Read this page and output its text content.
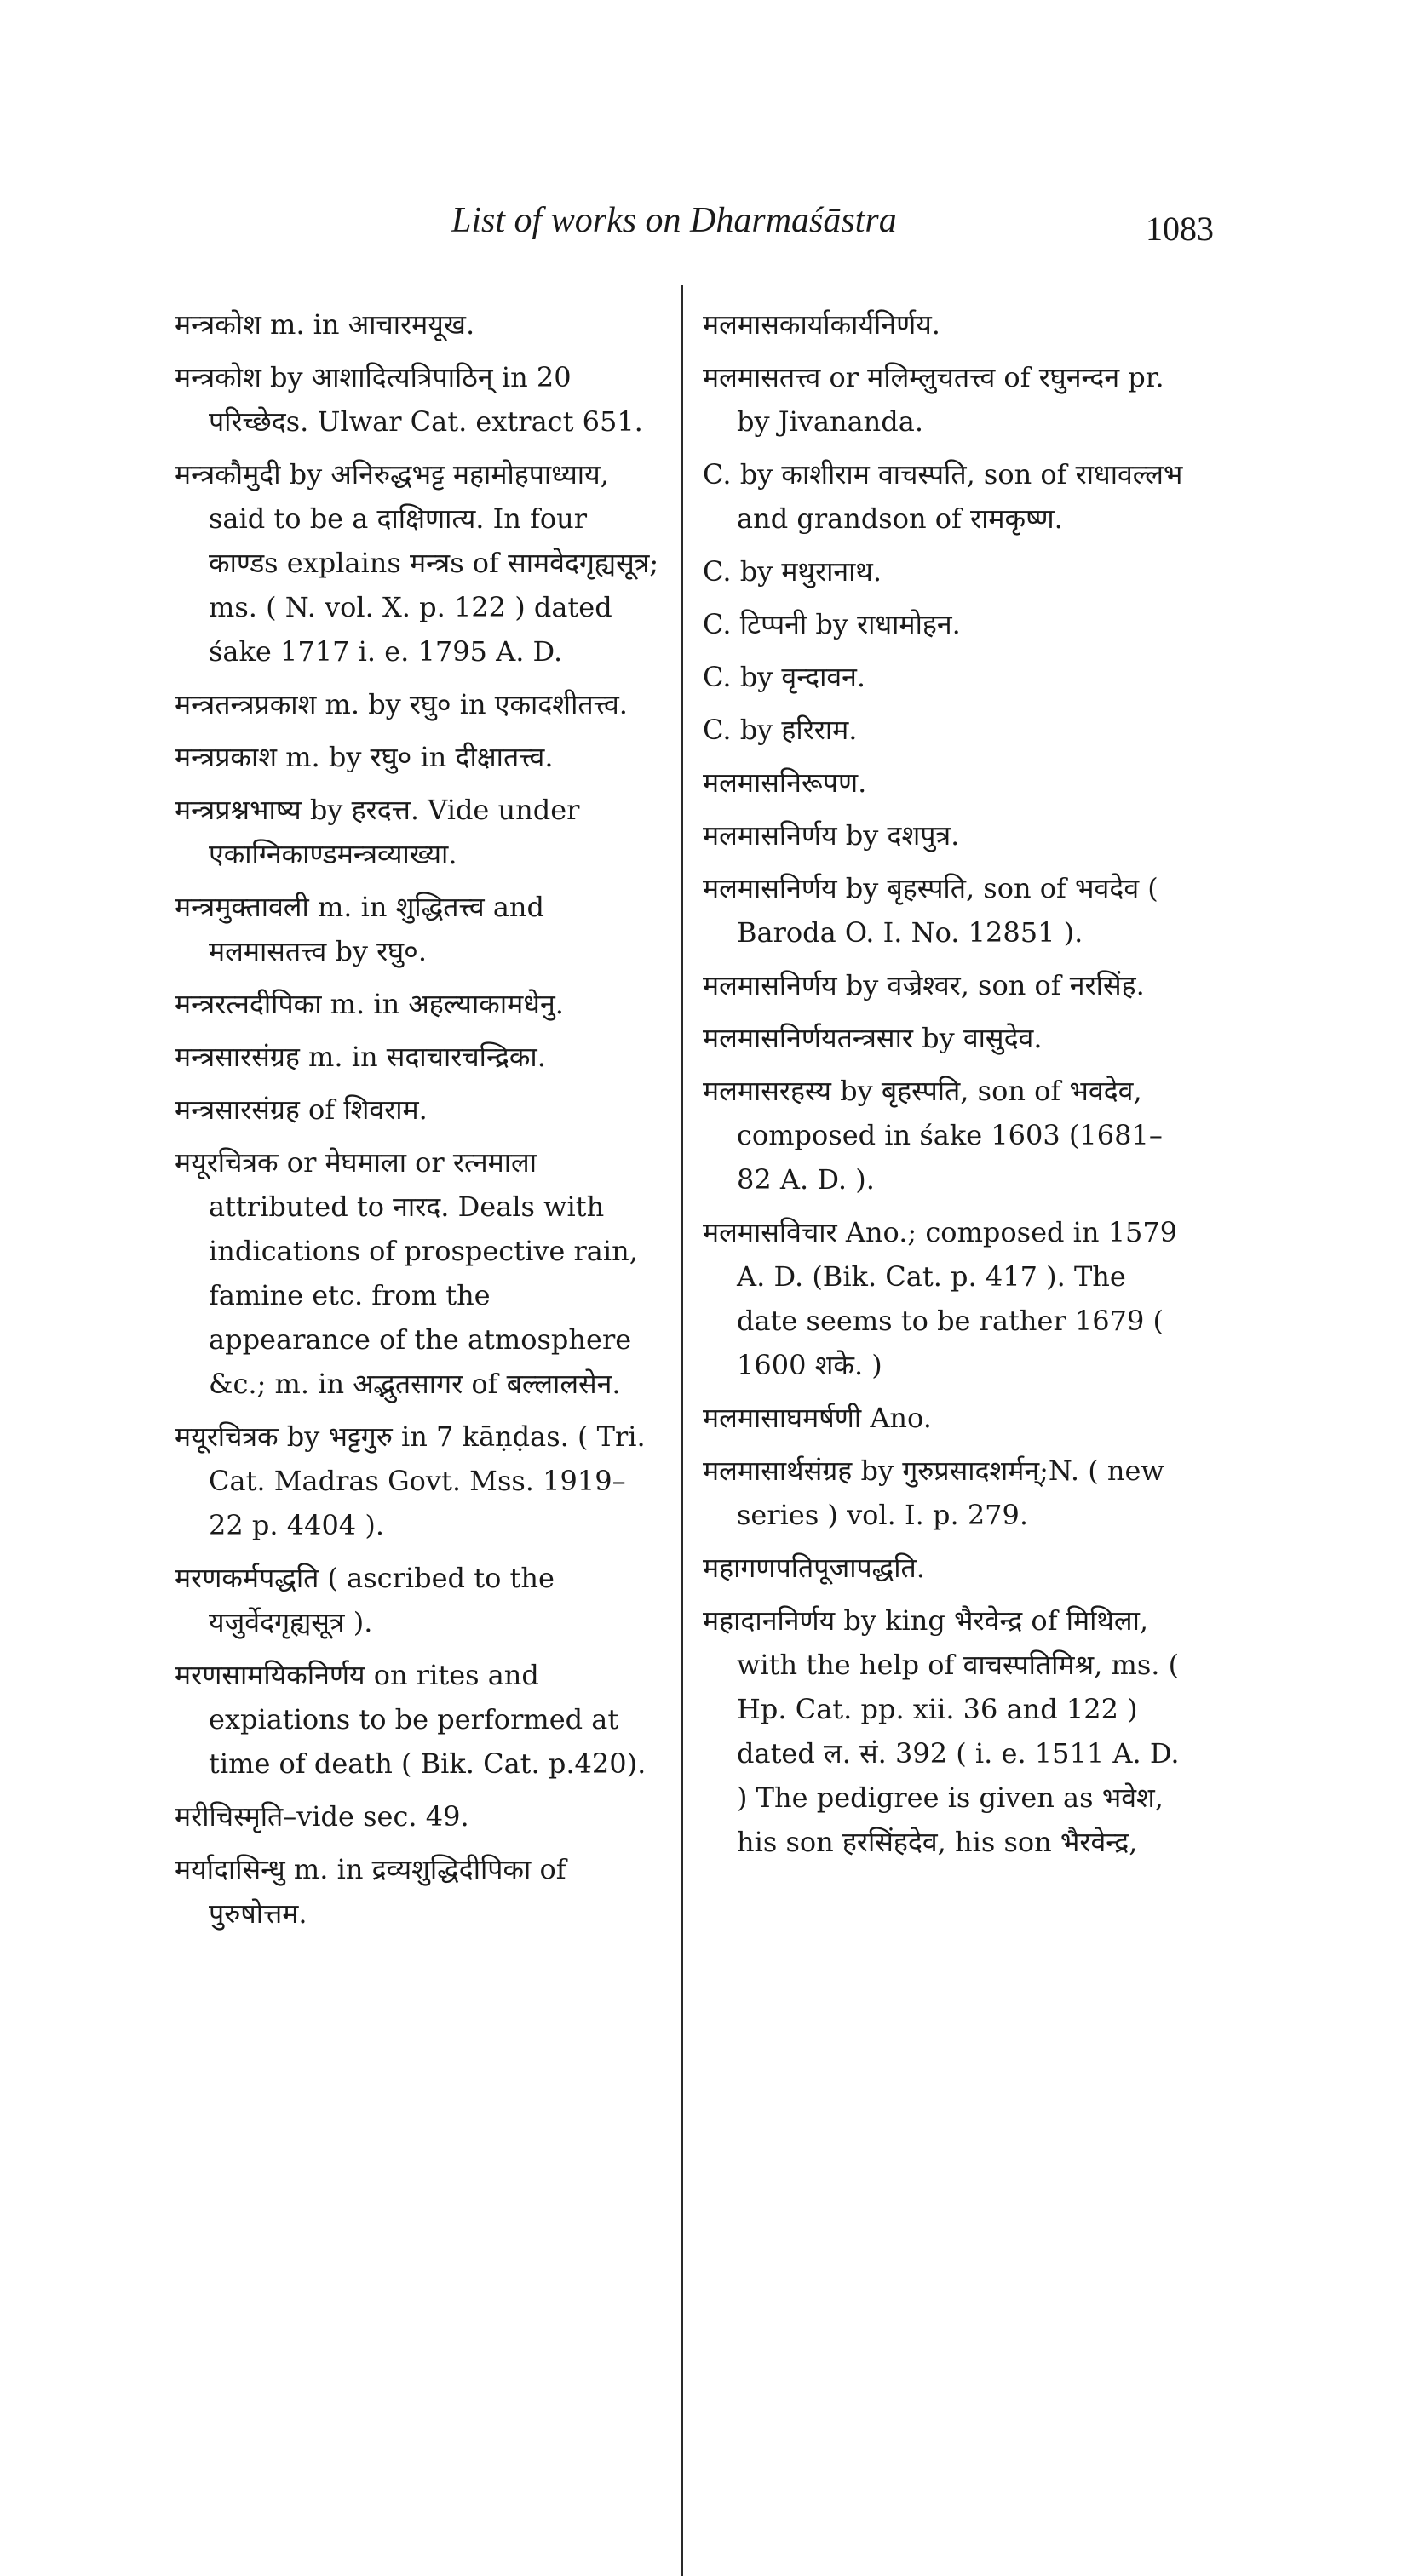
List of works on Dharmaśāstra	1083

मन्त्रकोश m. in आचारमयूख.

मन्त्रकोश by आशादित्यत्रिपाठिन् in 20 परिच्छेदs. Ulwar Cat. extract 651.

मन्त्रकौमुदी by अनिरुद्धभट्ट महामोहपाध्याय, said to be a दाक्षिणात्य. In four काण्डs explains मन्त्रs of सामवेदगृह्यसूत्र; ms. ( N. vol. X. p. 122 ) dated śake 1717 i. e. 1795 A. D.

मन्त्रतन्त्रप्रकाश m. by रघु० in एकादशीतत्त्व.

मन्त्रप्रकाश m. by रघु० in दीक्षातत्त्व.

मन्त्रप्रश्नभाष्य by हरदत्त. Vide under एकाग्निकाण्डमन्त्रव्याख्या.

मन्त्रमुक्तावली m. in शुद्धितत्त्व and मलमासतत्त्व by रघु०.

मन्त्ररत्नदीपिका m. in अहल्याकामधेनु.

मन्त्रसारसंग्रह m. in सदाचारचन्द्रिका.

मन्त्रसारसंग्रह of शिवराम.

मयूरचित्रक or मेघमाला or रत्नमाला attributed to नारद. Deals with indications of prospective rain, famine etc. from the appearance of the atmosphere &c.; m. in अद्भुतसागर of बल्लालसेन.

मयूरचित्रक by भट्टगुरु in 7 kāṇḍas. ( Tri. Cat. Madras Govt. Mss. 1919–22 p. 4404 ).

मरणकर्मपद्धति ( ascribed to the यजुर्वेदगृह्यसूत्र ).

मरणसामयिकनिर्णय on rites and expiations to be performed at time of death ( Bik. Cat. p.420).

मरीचिस्मृति–vide sec. 49.

मर्यादासिन्धु m. in द्रव्यशुद्धिदीपिका of पुरुषोत्तम.

मलमासकार्याकार्यनिर्णय.

मलमासतत्त्व or मलिम्लुचतत्त्व of रघुनन्दन pr. by Jivananda.

C. by काशीराम वाचस्पति, son of राधावल्लभ and grandson of रामकृष्ण.

C. by मथुरानाथ.

C. टिप्पनी by राधामोहन.

C. by वृन्दावन.

C. by हरिराम.

मलमासनिरूपण.

मलमासनिर्णय by दशपुत्र.

मलमासनिर्णय by बृहस्पति, son of भवदेव ( Baroda O. I. No. 12851 ).

मलमासनिर्णय by वज्रेश्वर, son of नरसिंह.

मलमासनिर्णयतन्त्रसार by वासुदेव.

मलमासरहस्य by बृहस्पति, son of भवदेव, composed in śake 1603 (1681–82 A. D. ).

मलमासविचार Ano.; composed in 1579 A. D. (Bik. Cat. p. 417 ). The date seems to be rather 1679 ( 1600 शके. )

मलमासाघमर्षणी Ano.

मलमासार्थसंग्रह by गुरुप्रसादशर्मन्;N. ( new series ) vol. I. p. 279.

महागणपतिपूजापद्धति.

महादाननिर्णय by king भैरवेन्द्र of मिथिला, with the help of वाचस्पतिमिश्र, ms. ( Hp. Cat. pp. xii. 36 and 122 ) dated ल. सं. 392 ( i. e. 1511 A. D. ) The pedigree is given as भवेश, his son हरसिंहदेव, his son भैरवेन्द्र,
